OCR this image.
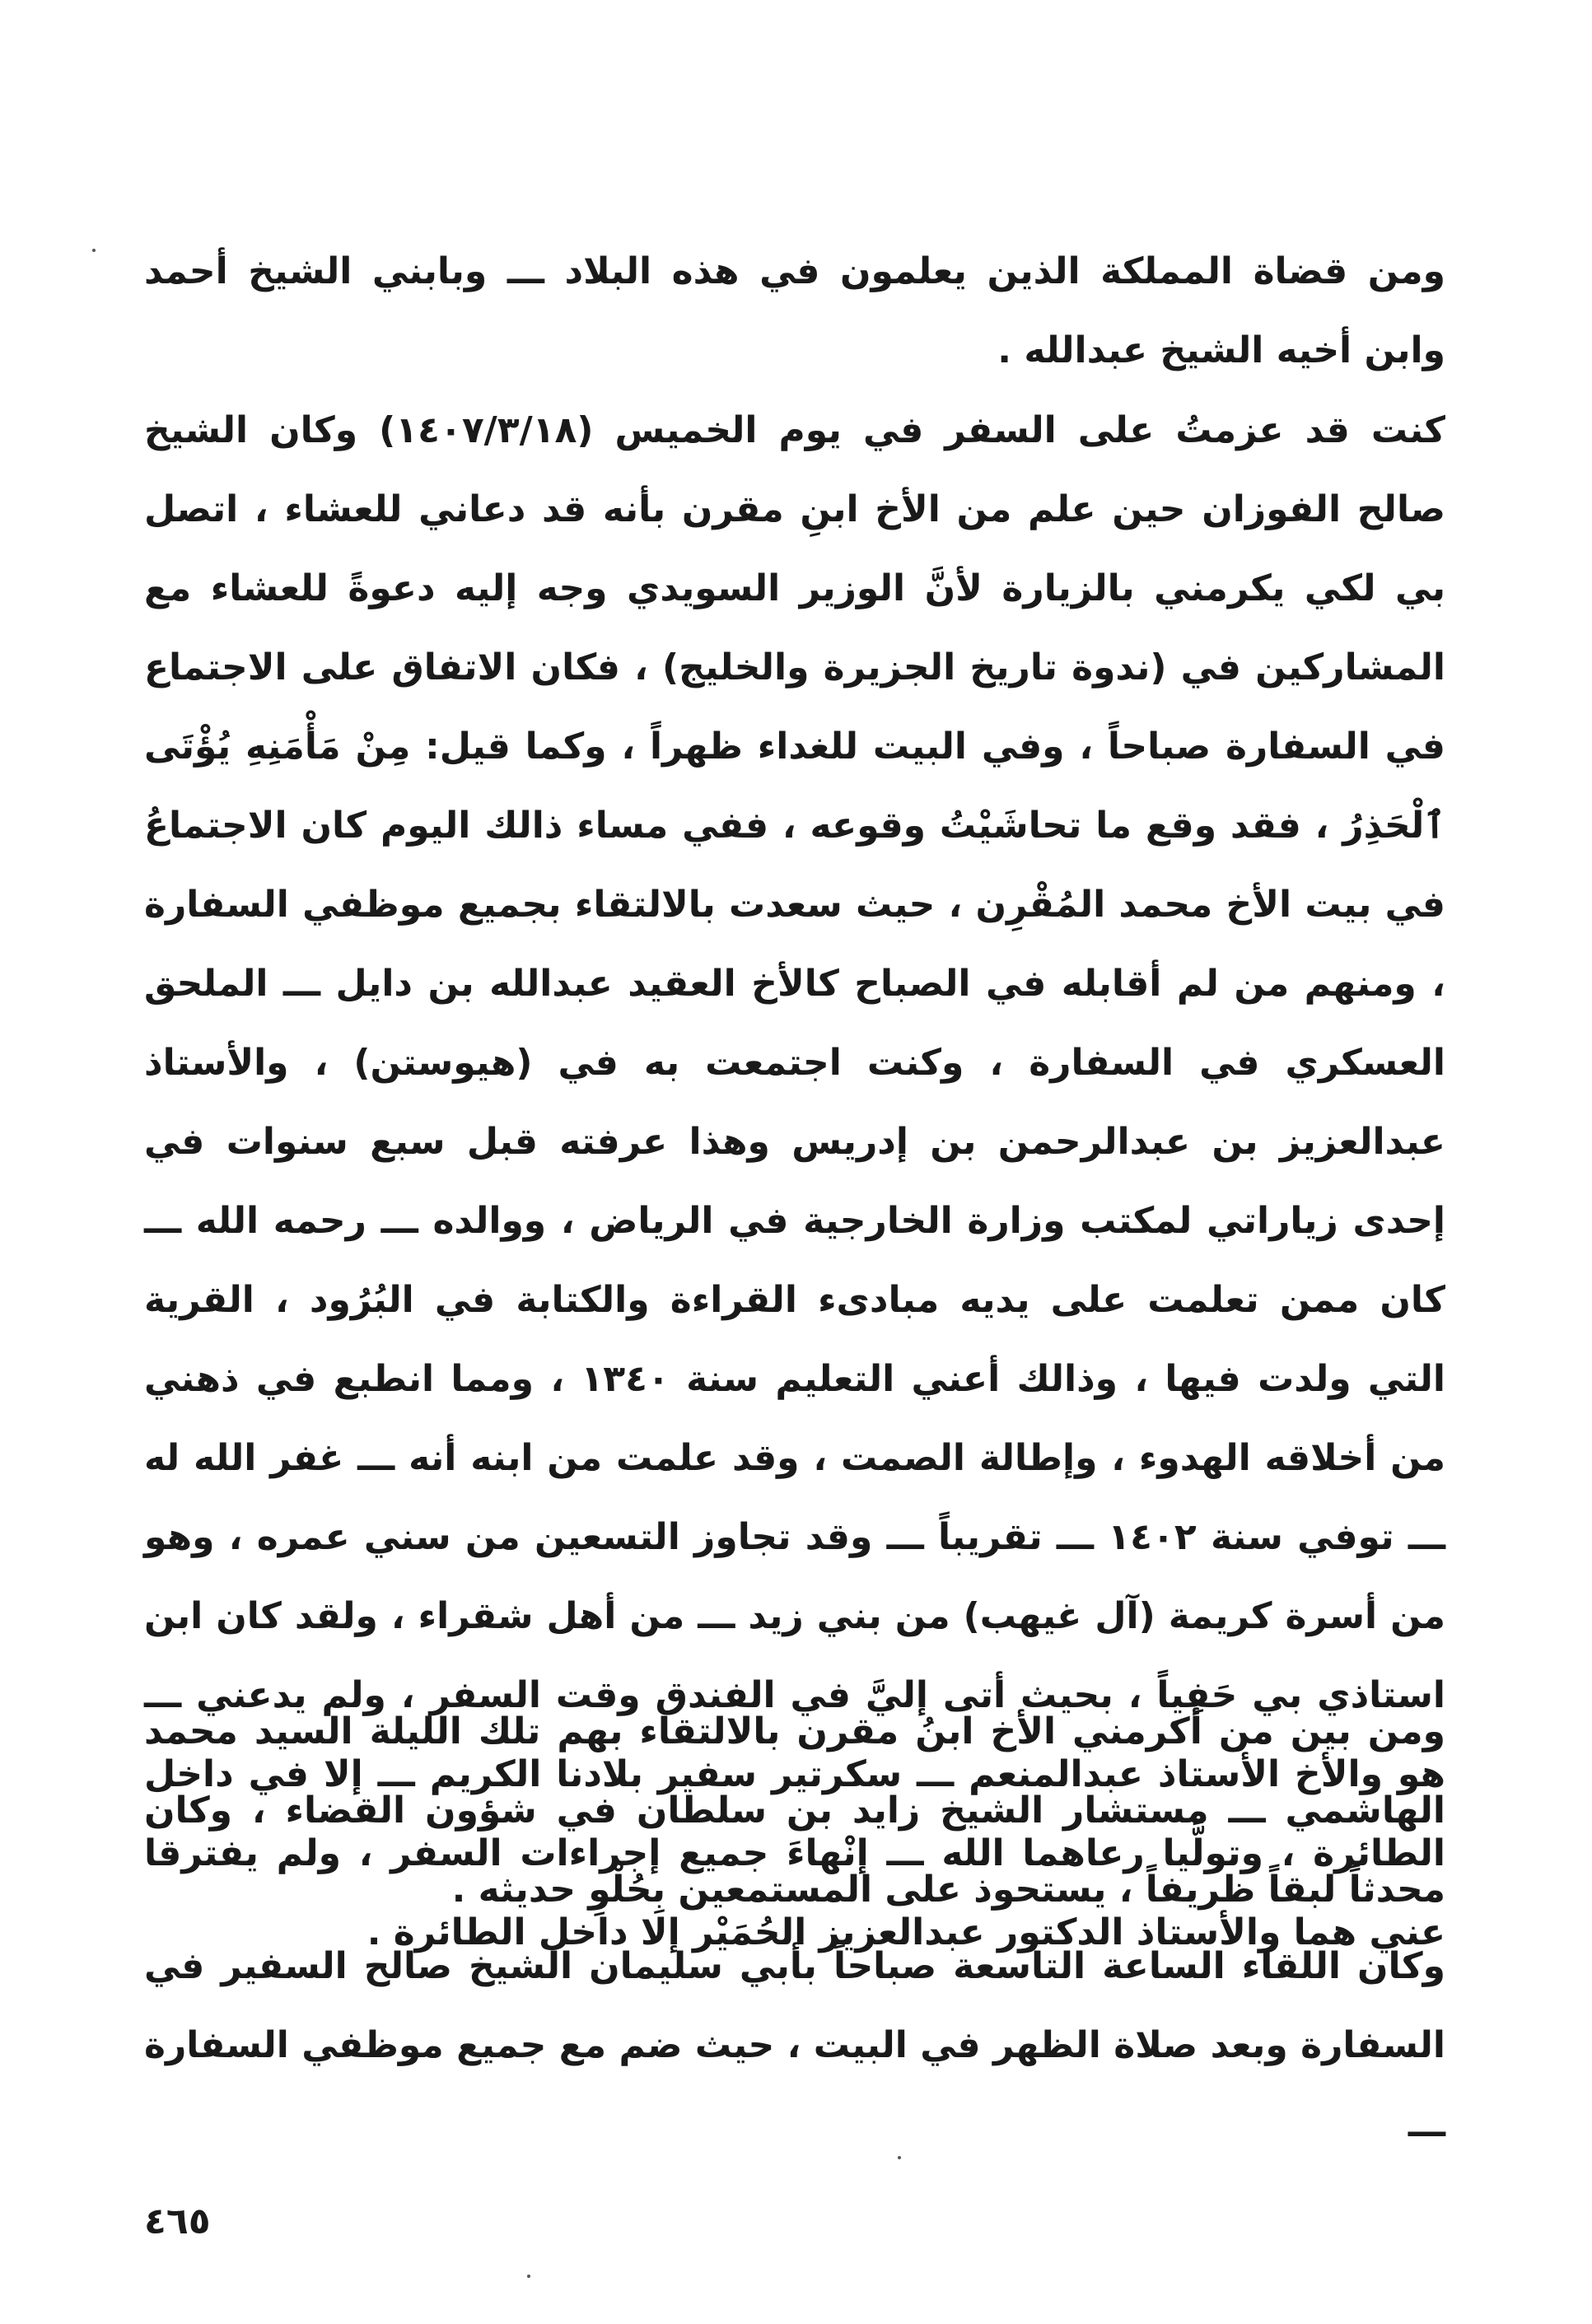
ومن قضاة المملكة الذين يعلمون في هذه البلاد ـــ وبابني الشيخ أحمد وابن أخيه الشيخ عبدالله .

كنت قد عزمتُ على السفر في يوم الخميس (١٤٠٧/٣/١٨) وكان الشيخ صالح الفوزان حين علم من الأخ ابنِ مقرن بأنه قد دعاني للعشاء ، اتصل بي لكي يكرمني بالزيارة لأنَّ الوزير السويدي وجه إليه دعوةً للعشاء مع المشاركين في (ندوة تاريخ الجزيرة والخليج) ، فكان الاتفاق على الاجتماع في السفارة صباحاً ، وفي البيت للغداء ظهراً ، وكما قيل: مِنْ مَأْمَنِهِ يُؤْتَى ٱلْحَذِرُ ، فقد وقع ما تحاشَيْتُ وقوعه ، ففي مساء ذالك اليوم كان الاجتماعُ في بيت الأخ محمد المُقْرِن ، حيث سعدت بالالتقاء بجميع موظفي السفارة ، ومنهم من لم أقابله في الصباح كالأخ العقيد عبدالله بن دايل ـــ الملحق العسكري في السفارة ، وكنت اجتمعت به في (هيوستن) ، والأستاذ عبدالعزيز بن عبدالرحمن بن إدريس وهذا عرفته قبل سبع سنوات في إحدى زياراتي لمكتب وزارة الخارجية في الرياض ، ووالده ـــ رحمه الله ـــ كان ممن تعلمت على يديه مبادىء القراءة والكتابة في البُرُود ، القرية التي ولدت فيها ، وذالك أعني التعليم سنة ١٣٤٠ ، ومما انطبع في ذهني من أخلاقه الهدوء ، وإطالة الصمت ، وقد علمت من ابنه أنه ـــ غفر الله له ـــ توفي سنة ١٤٠٢ ـــ تقريباً ـــ وقد تجاوز التسعين من سني عمره ، وهو من أسرة كريمة (آل غيهب) من بني زيد ـــ من أهل شقراء ، ولقد كان ابن استاذي بي حَفِياً ، بحيث أتى إليَّ في الفندق وقت السفر ، ولم يدعني ـــ هو والأخ الأستاذ عبدالمنعم ـــ سكرتير سفير بلادنا الكريم ـــ إلا في داخل الطائرة ، وتولَّيا رعاهما الله ـــ إنْهاءَ جميع إجراءات السفر ، ولم يفترقا عني هما والأستاذ الدكتور عبدالعزيز الحُمَيْر إلا داخل الطائرة .

ومن بين من أكرمني الأخ ابنُ مقرن بالالتقاء بهم تلك الليلة السيد محمد الهاشمي ـــ مستشار الشيخ زايد بن سلطان في شؤون القضاء ، وكان محدثاً لبقاً ظريفاً ، يستحوذ على المستمعين بِحُلْوِ حديثه .

وكان اللقاء الساعة التاسعة صباحاً بأبي سليمان الشيخ صالح السفير في السفارة وبعد صلاة الظهر في البيت ، حيث ضم مع جميع موظفي السفارة ـــ

٤٦٥
